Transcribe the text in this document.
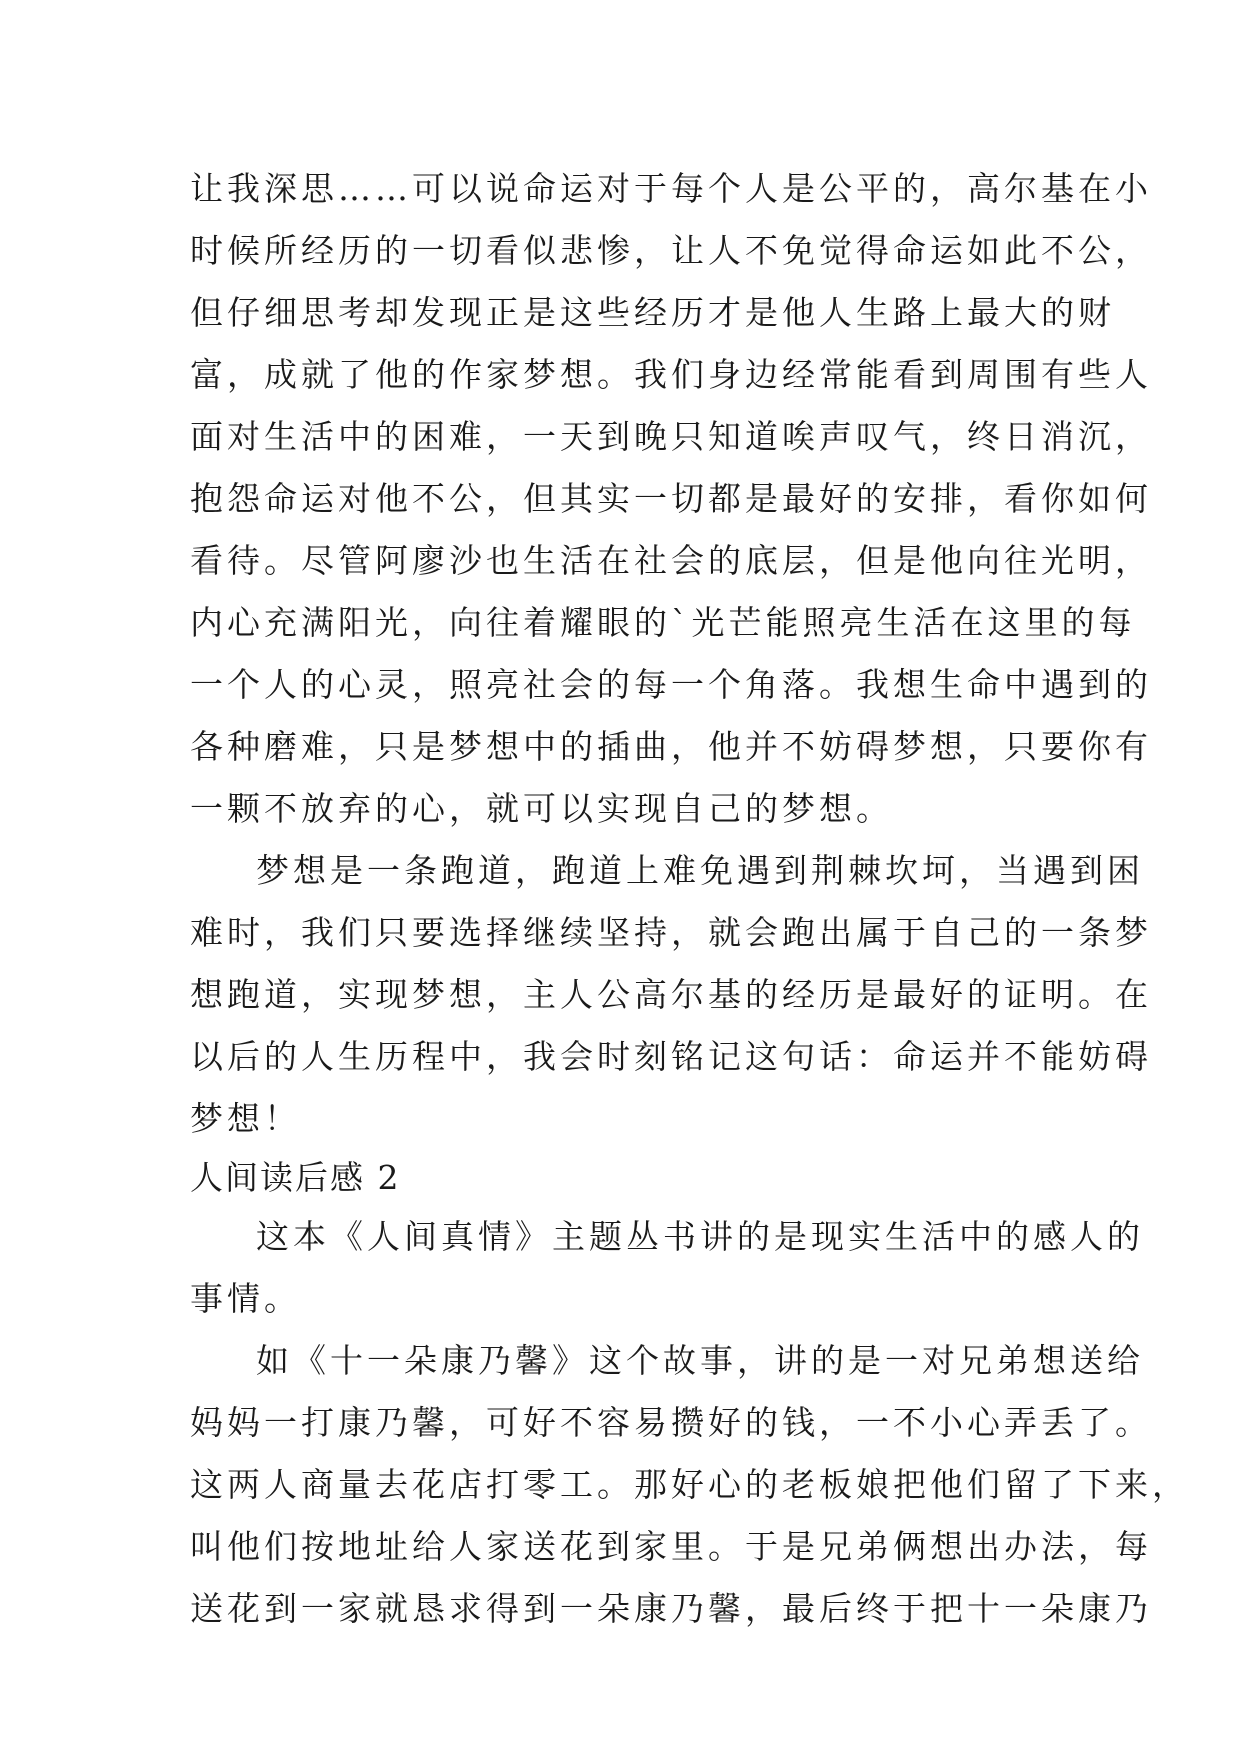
让我深思……可以说命运对于每个人是公平的，高尔基在小
时候所经历的一切看似悲惨，让人不免觉得命运如此不公，
但仔细思考却发现正是这些经历才是他人生路上最大的财
富，成就了他的作家梦想。我们身边经常能看到周围有些人
面对生活中的困难，一天到晚只知道唉声叹气，终日消沉，
抱怨命运对他不公，但其实一切都是最好的安排，看你如何
看待。尽管阿廖沙也生活在社会的底层，但是他向往光明，
内心充满阳光，向往着耀眼的`光芒能照亮生活在这里的每
一个人的心灵，照亮社会的每一个角落。我想生命中遇到的
各种磨难，只是梦想中的插曲，他并不妨碍梦想，只要你有
一颗不放弃的心，就可以实现自己的梦想。
梦想是一条跑道，跑道上难免遇到荆棘坎坷，当遇到困
难时，我们只要选择继续坚持，就会跑出属于自己的一条梦
想跑道，实现梦想，主人公高尔基的经历是最好的证明。在
以后的人生历程中，我会时刻铭记这句话：命运并不能妨碍
梦想！
人间读后感 2
这本《人间真情》主题丛书讲的是现实生活中的感人的
事情。
如《十一朵康乃馨》这个故事，讲的是一对兄弟想送给
妈妈一打康乃馨，可好不容易攒好的钱，一不小心弄丢了。
这两人商量去花店打零工。那好心的老板娘把他们留了下来，
叫他们按地址给人家送花到家里。于是兄弟俩想出办法，每
送花到一家就恳求得到一朵康乃馨，最后终于把十一朵康乃
